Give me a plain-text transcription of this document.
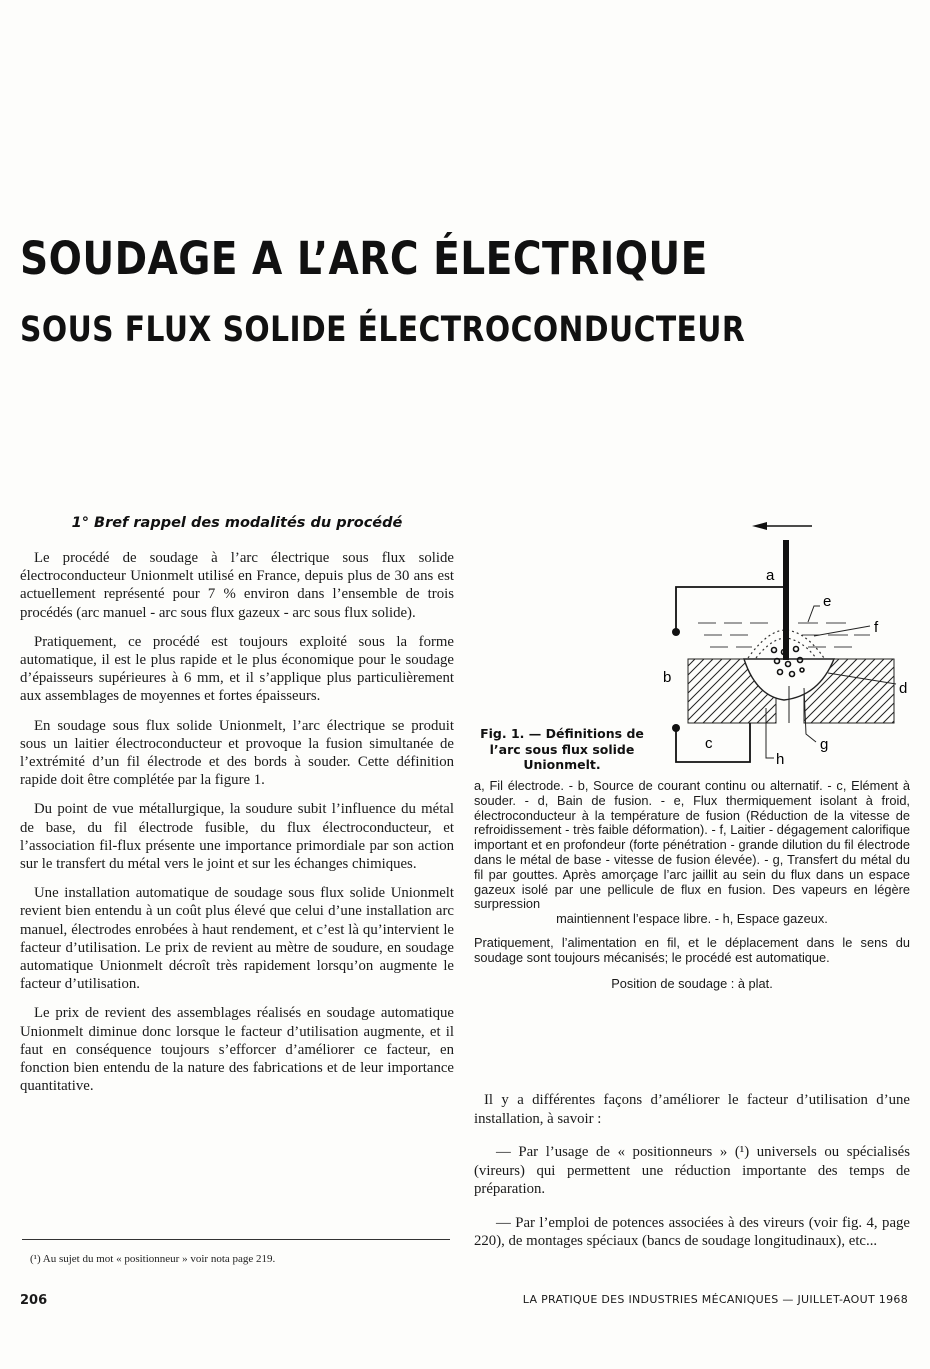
SOUDAGE A L’ARC ÉLECTRIQUE
SOUS FLUX SOLIDE ÉLECTROCONDUCTEUR
1° Bref rappel des modalités du procédé

Le procédé de soudage à l’arc électrique sous flux solide électroconducteur Unionmelt utilisé en France, depuis plus de 30 ans est actuellement représenté pour 7 % environ dans l’ensemble de trois procédés (arc manuel - arc sous flux gazeux - arc sous flux solide).

Pratiquement, ce procédé est toujours exploité sous la forme automatique, il est le plus rapide et le plus économique pour le soudage d’épaisseurs supérieures à 6 mm, et il s’applique plus particulièrement aux assemblages de moyennes et fortes épaisseurs.

En soudage sous flux solide Unionmelt, l’arc électrique se produit sous un laitier électroconducteur et provoque la fusion simultanée de l’extrémité d’un fil électrode et des bords à souder. Cette définition rapide doit être complétée par la figure 1.

Du point de vue métallurgique, la soudure subit l’influence du métal de base, du fil électrode fusible, du flux électroconducteur, et l’association fil-flux présente une importance primordiale par son action sur le transfert du métal vers le joint et sur les échanges chimiques.

Une installation automatique de soudage sous flux solide Unionmelt revient bien entendu à un coût plus élevé que celui d’une installation arc manuel, électrodes enrobées à haut rendement, et c’est là qu’intervient le facteur d’utilisation. Le prix de revient au mètre de soudure, en soudage automatique Unionmelt décroît très rapidement lorsqu’on augmente le facteur d’utilisation.

Le prix de revient des assemblages réalisés en soudage automatique Unionmelt diminue donc lorsque le facteur d’utilisation augmente, et il faut en conséquence toujours s’efforcer d’améliorer ce facteur, en fonction bien entendu de la nature des fabrications et de leur importance quantitative.

(¹) Au sujet du mot « positionneur » voir nota page 219.
a
b
c
d
e
f
g
h
Fig. 1. — Définitions de l’arc sous flux solide Unionmelt.

a, Fil électrode. - b, Source de courant continu ou alternatif. - c, Elément à souder. - d, Bain de fusion. - e, Flux thermiquement isolant à froid, électroconducteur à la température de fusion (Réduction de la vitesse de refroidissement - très faible déformation). - f, Laitier - dégagement calorifique important et en profondeur (forte pénétration - grande dilution du fil électrode dans le métal de base - vitesse de fusion élevée). - g, Transfert du métal du fil par gouttes. Après amorçage l’arc jaillit au sein du flux dans un espace gazeux isolé par une pellicule de flux en fusion. Des vapeurs en légère surpression

maintiennent l’espace libre. - h, Espace gazeux.

Pratiquement, l’alimentation en fil, et le déplacement dans le sens du soudage sont toujours mécanisés; le procédé est automatique.

Position de soudage : à plat.

Il y a différentes façons d’améliorer le facteur d’utilisation d’une installation, à savoir :

— Par l’usage de « positionneurs » (¹) universels ou spécialisés (vireurs) qui permettent une réduction importante des temps de préparation.

— Par l’emploi de potences associées à des vireurs (voir fig. 4, page 220), de montages spéciaux (bancs de soudage longitudinaux), etc...

206	LA PRATIQUE DES INDUSTRIES MÉCANIQUES — JUILLET-AOUT 1968
